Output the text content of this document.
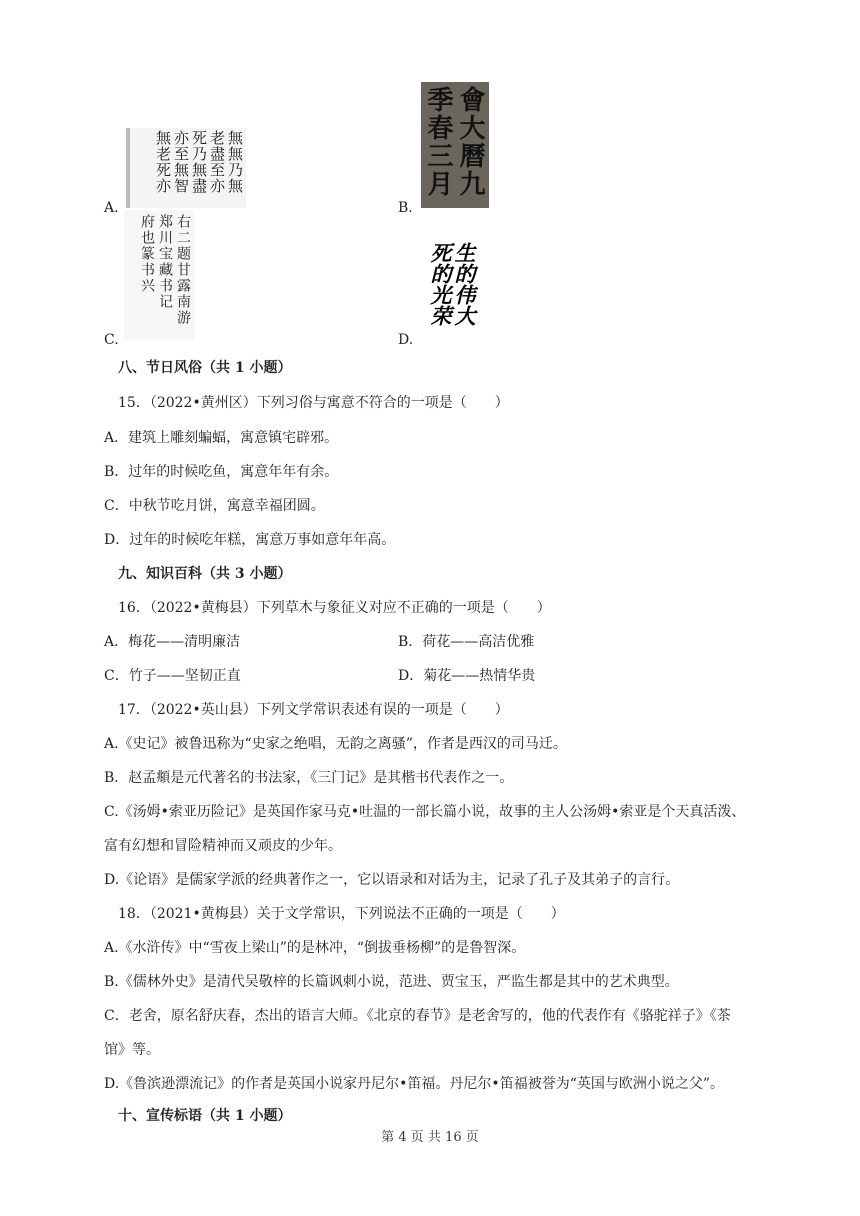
A.
無無乃無
老盡至亦
死乃無盡
亦至無智
無老死亦
B.
會大曆九
季春三月
C.
右二题甘露南游
郑川宝藏书记
府也篆书兴
D.
生的伟大
死的光荣
八、节日风俗（共 1 小题）
15．（2022•黄州区）下列习俗与寓意不符合的一项是（　　）
A．建筑上雕刻蝙蝠，寓意镇宅辟邪。
B．过年的时候吃鱼，寓意年年有余。
C．中秋节吃月饼，寓意幸福团圆。
D．过年的时候吃年糕，寓意万事如意年年高。
九、知识百科（共 3 小题）
16．（2022•黄梅县）下列草木与象征义对应不正确的一项是（　　）
A．梅花——清明廉洁	B．荷花——高洁优雅
C．竹子——坚韧正直	D．菊花——热情华贵
17．（2022•英山县）下列文学常识表述有误的一项是（　　）
A.《史记》被鲁迅称为“史家之绝唱，无韵之离骚”，作者是西汉的司马迁。
B．赵孟頫是元代著名的书法家，《三门记》是其楷书代表作之一。
C.《汤姆•索亚历险记》是英国作家马克•吐温的一部长篇小说，故事的主人公汤姆•索亚是个天真活泼、
富有幻想和冒险精神而又顽皮的少年。
D.《论语》是儒家学派的经典著作之一，它以语录和对话为主，记录了孔子及其弟子的言行。
18．（2021•黄梅县）关于文学常识，下列说法不正确的一项是（　　）
A.《水浒传》中“雪夜上梁山”的是林冲，“倒拔垂杨柳”的是鲁智深。
B.《儒林外史》是清代吴敬梓的长篇讽刺小说，范进、贾宝玉，严监生都是其中的艺术典型。
C．老舍，原名舒庆春，杰出的语言大师。《北京的春节》是老舍写的，他的代表作有《骆驼祥子》《茶
馆》等。
D.《鲁滨逊漂流记》的作者是英国小说家丹尼尔•笛福。丹尼尔•笛福被誉为“英国与欧洲小说之父”。
十、宣传标语（共 1 小题）
第 4 页 共 16 页
